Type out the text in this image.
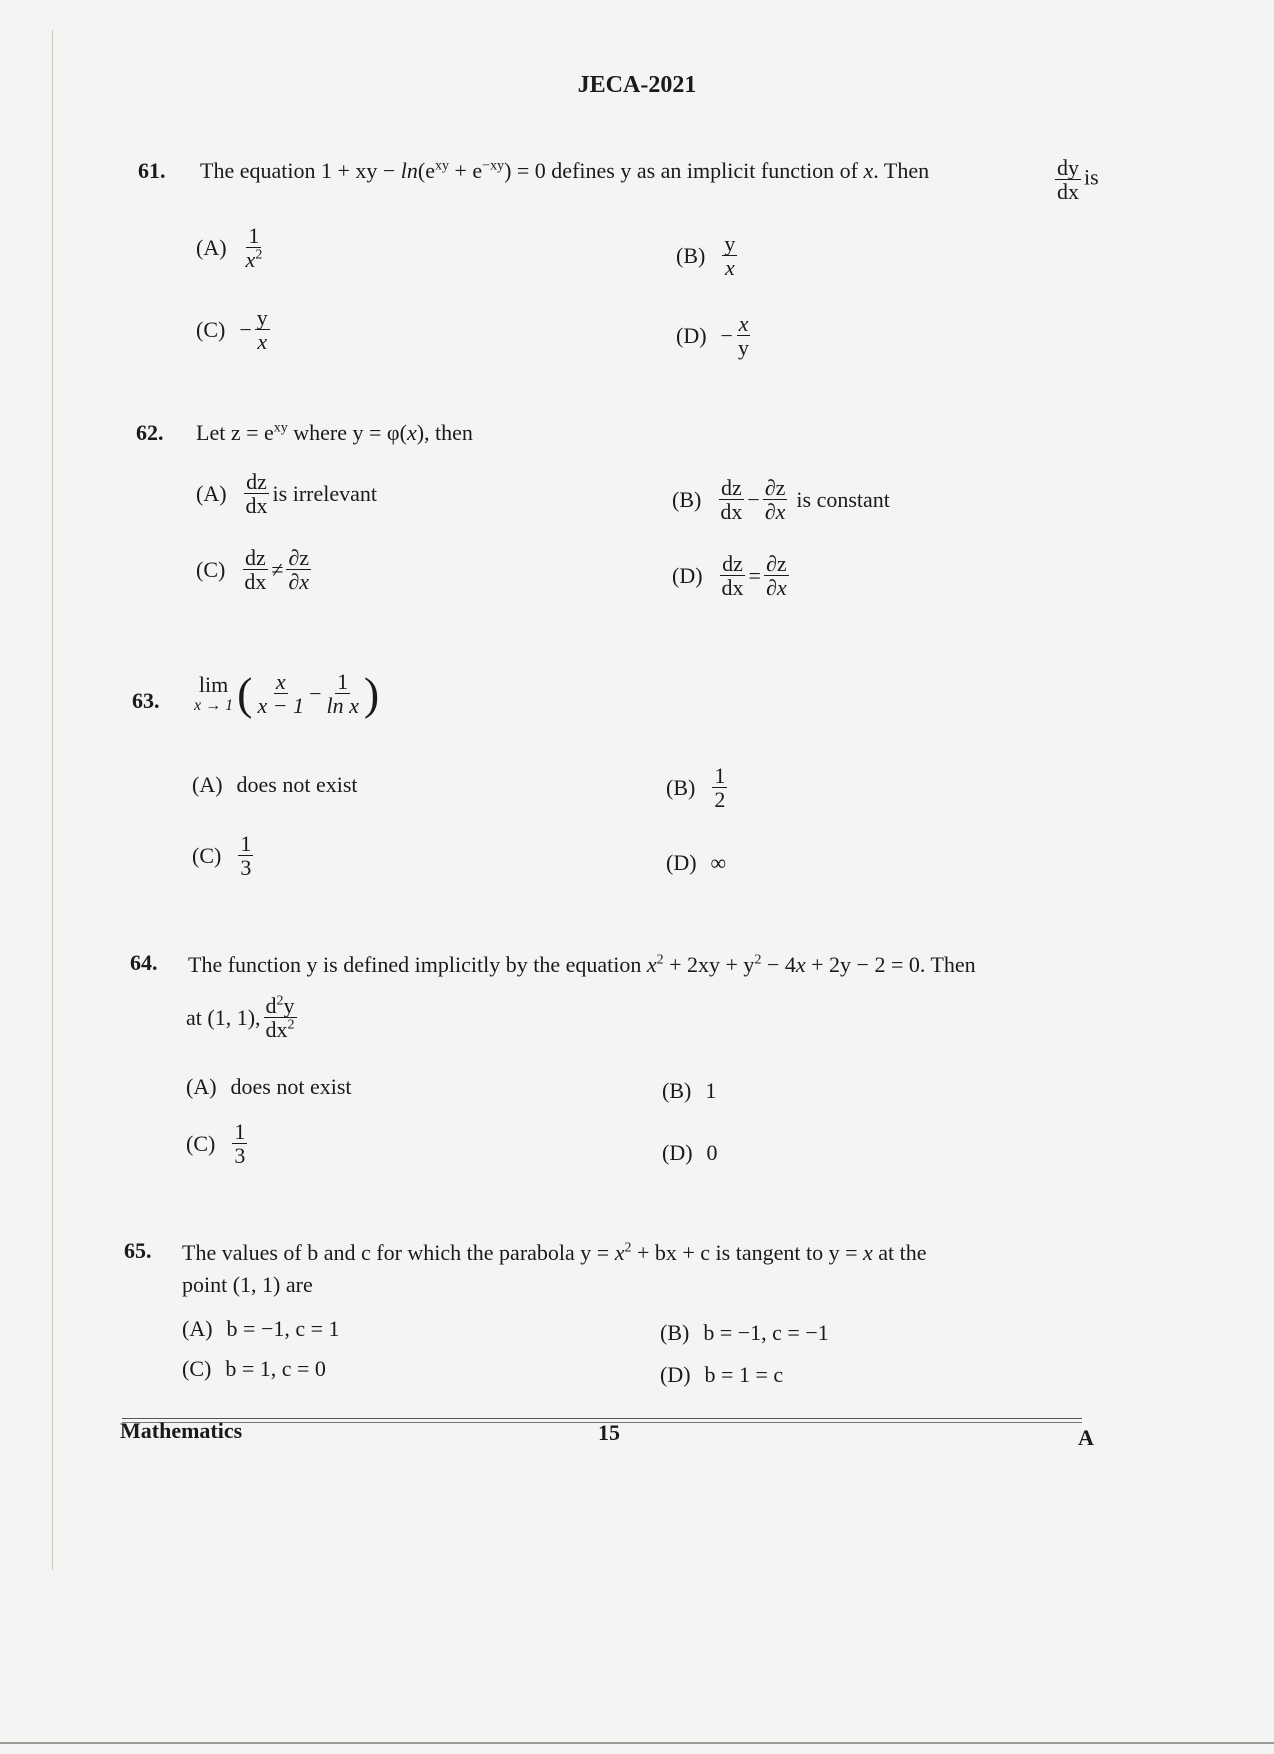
JECA-2021
61. The equation 1 + xy − $\ln(e^{xy} + e^{-xy}) = 0$ defines y as an implicit function of x. Then	$\frac{dy}{dx}$ is
$(A) \frac{1}{x^2}$	$(B) \frac{y}{x}$
$(C) - \frac{y}{x}$	$(D) - \frac{x}{y}$
62. Let $z = e^{xy}$ where y = φ(x), then
$(A) \frac{dz}{dx}$ is irrelevant	$(B) \frac{dz}{dx} - \frac{\partial z}{\partial x}$ is constant
$(C) \frac{dz}{dx} \ne \frac{\partial z}{\partial x}$	$(D) \frac{dz}{dx} = \frac{\partial z}{\partial x}$
63.
lim
x → 1 ( $\frac{x}{x - 1} - \frac{1}{\text{ln x}}$ )
(A) does not exist	$(B) \frac{1}{2}$
$(C) \frac{1}{3}$	(D) ∞
64. The function y is defined implicitly by the equation $x^2 + 2xy + y^2 - 4x + 2y - 2 = 0$. Then
at (1, 1), $\frac{d^2y}{dx^2}$
(A) does not exist	(B) 1
$(C) \frac{1}{3}$	(D) 0
65. The values of b and c for which the parabola $y = x^2$ + bx + c is tangent to y = x at the
point (1, 1) are
(A) b = −1, c = 1	(B) b = −1, c = −1
(C) b = 1, c = 0	(D) b = 1 = c
Mathematics	15	A
